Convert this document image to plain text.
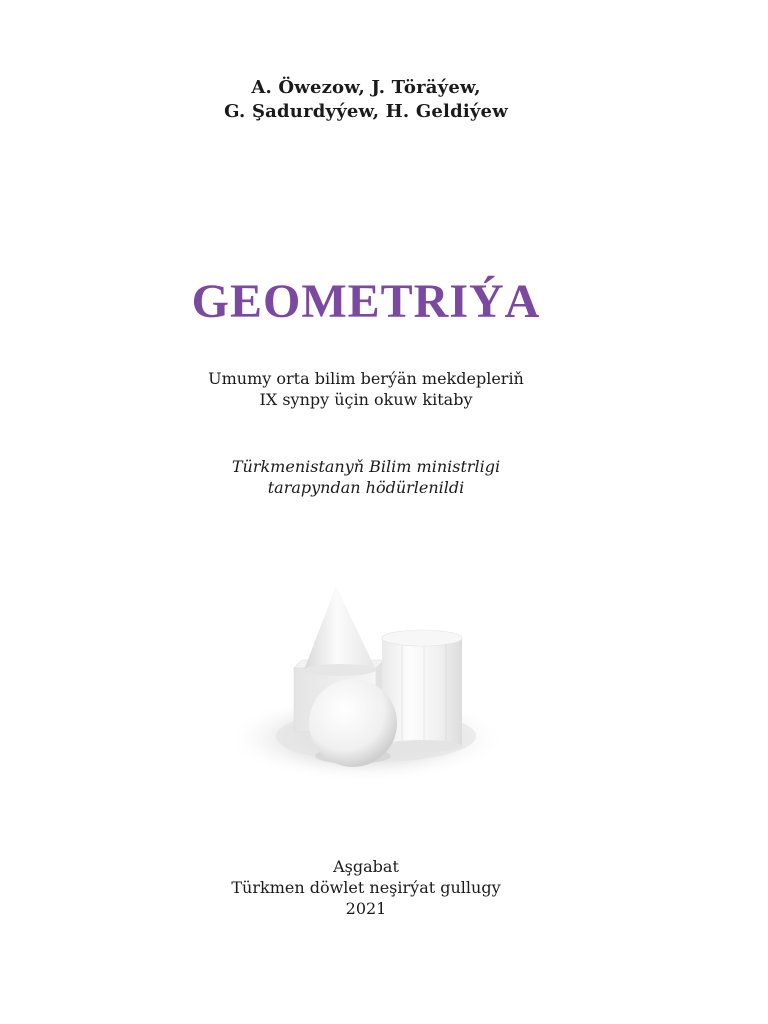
A. Öwezow, J. Töräýew,
G. Şadurdyýew, H. Geldiýew
GEOMETRIÝA
Umumy orta bilim berýän mekdepleriň
IX synpy üçin okuw kitaby
Türkmenistanyň Bilim ministrligi
tarapyndan hödürlenildi
Aşgabat
Türkmen döwlet neşirýat gullugy
2021
